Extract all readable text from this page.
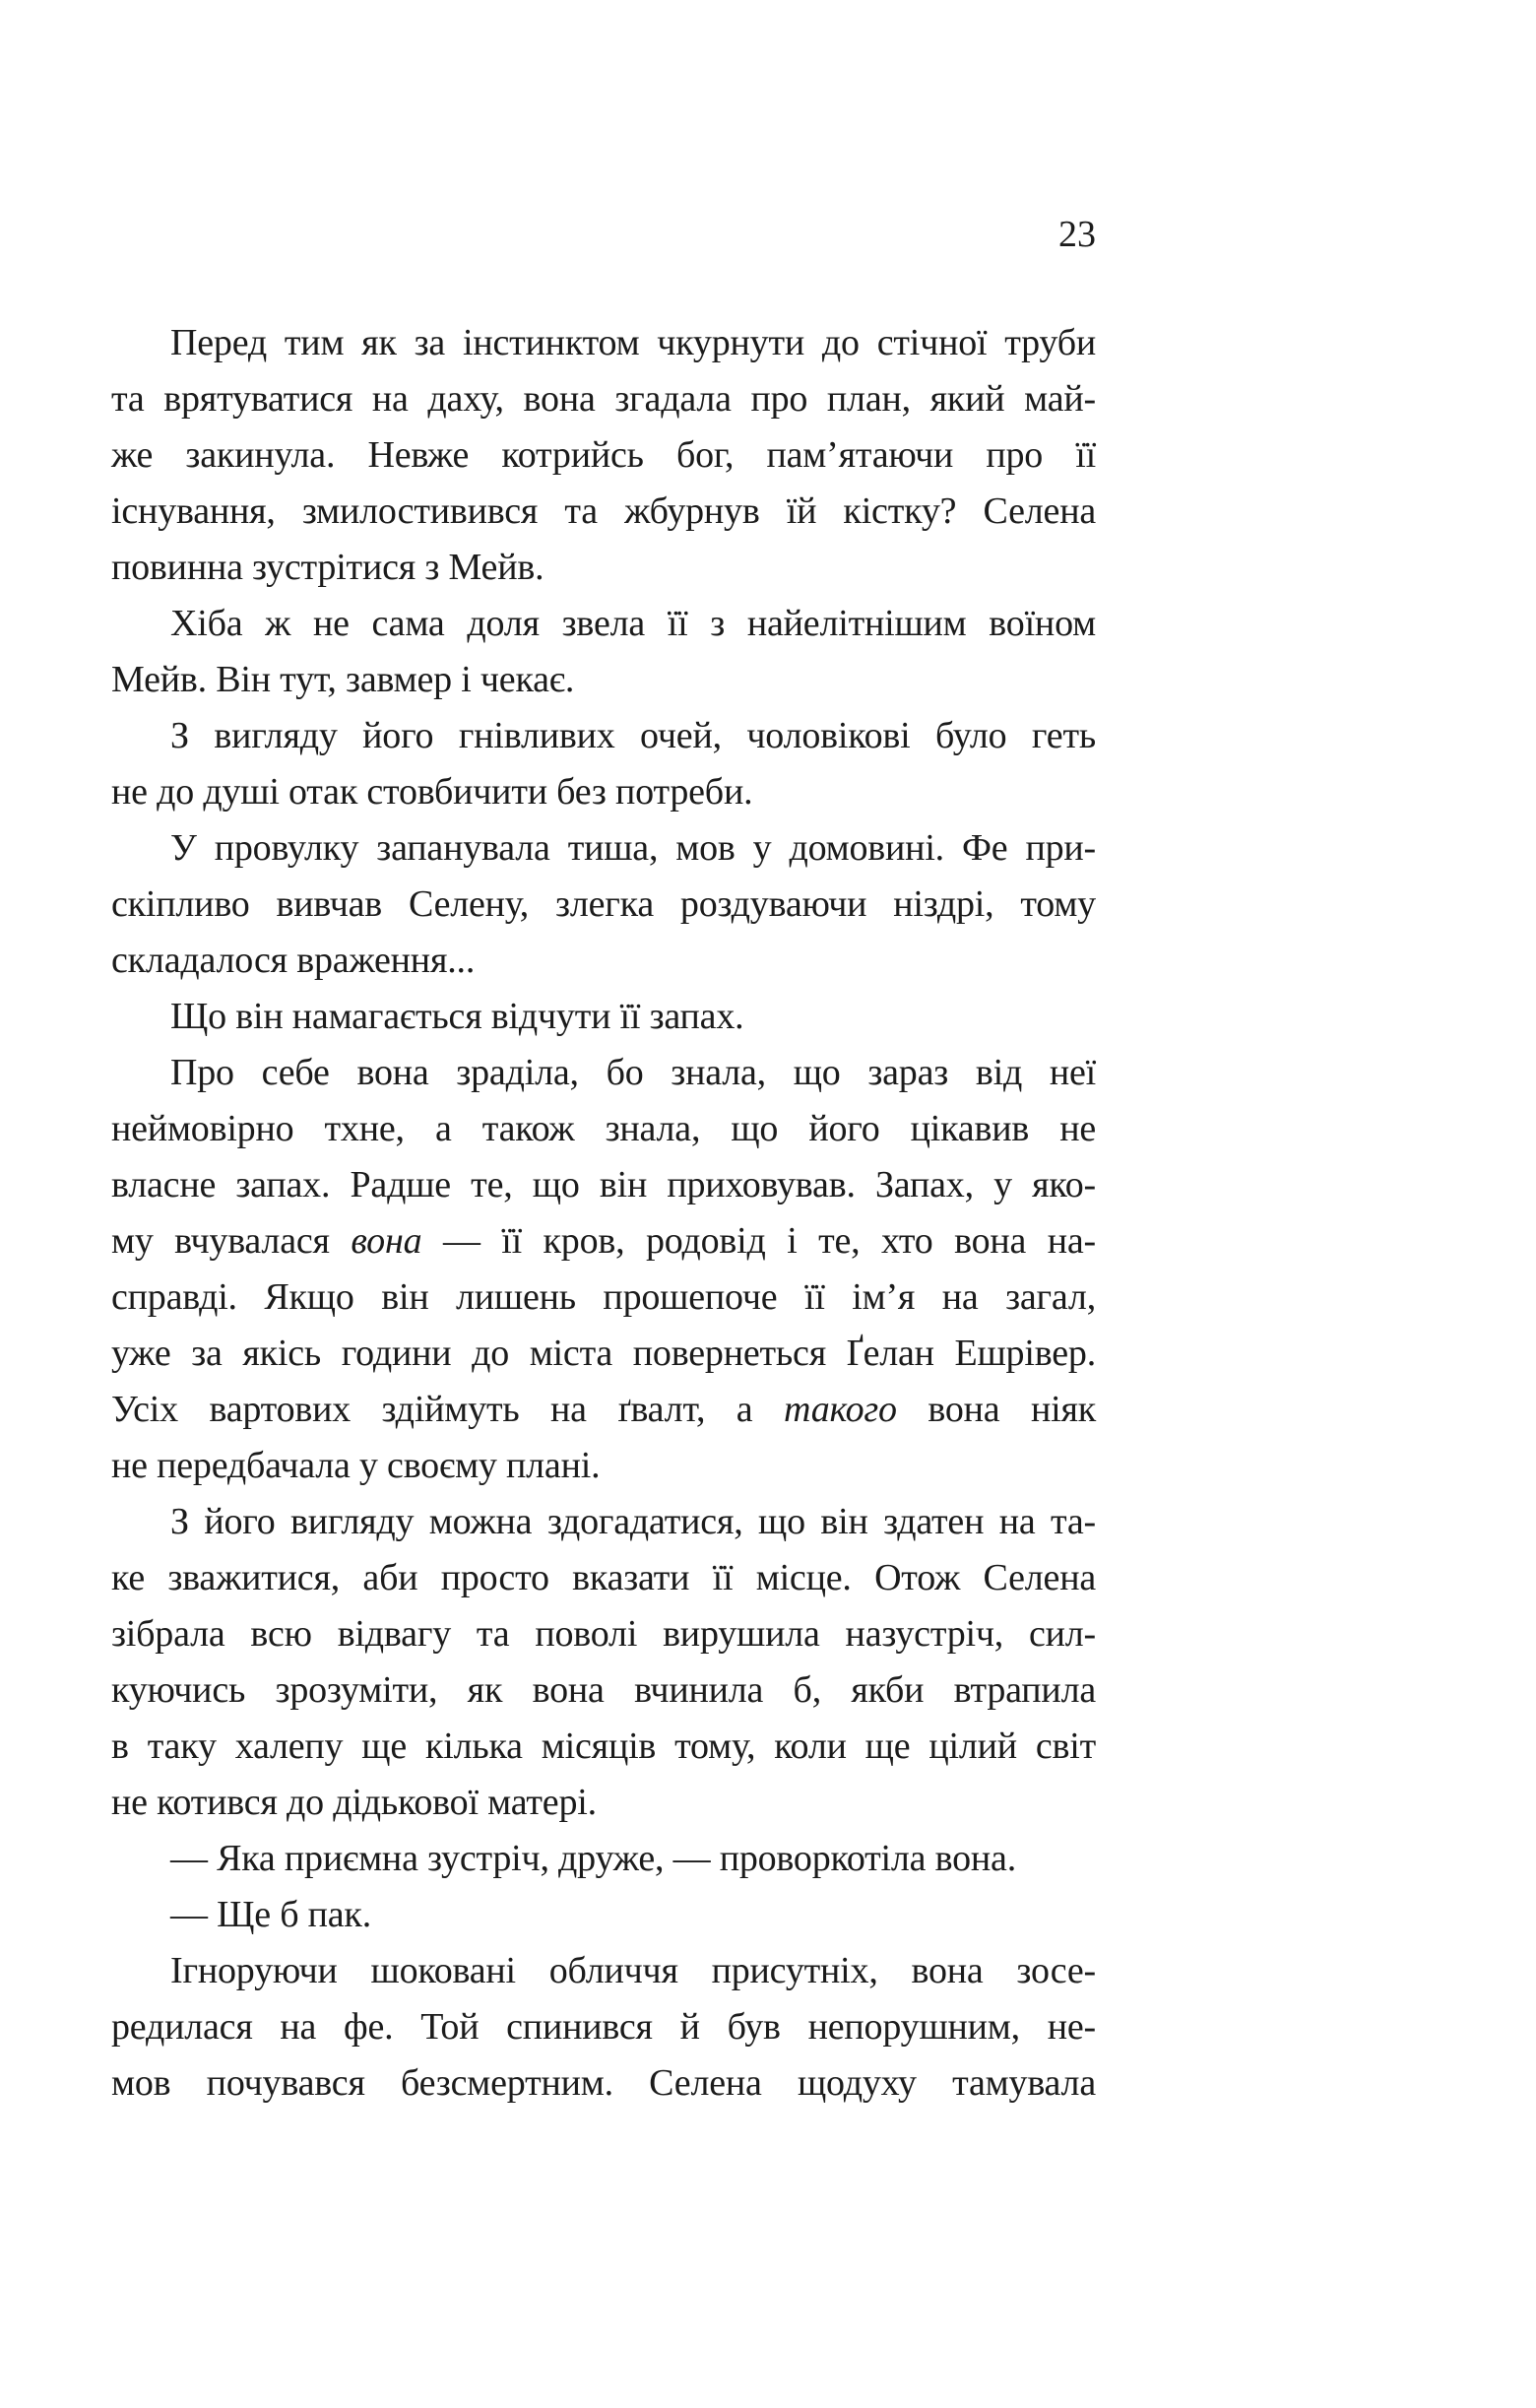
23
Перед тим як за інстинктом чкурнути до стічної труби
та врятуватися на даху, вона згадала про план, який май-
же закинула. Невже котрийсь бог, пам’ятаючи про її
існування, змилостивився та жбурнув їй кістку? Селена
повинна зустрітися з Мейв.
Хіба ж не сама доля звела її з найелітнішим воїном
Мейв. Він тут, завмер і чекає.
З вигляду його гнівливих очей, чоловікові було геть
не до душі отак стовбичити без потреби.
У провулку запанувала тиша, мов у домовині. Фе при-
скіпливо вивчав Селену, злегка роздуваючи ніздрі, тому
складалося враження...
Що він намагається відчути її запах.
Про себе вона зраділа, бо знала, що зараз від неї
неймовірно тхне, а також знала, що його цікавив не
власне запах. Радше те, що він приховував. Запах, у яко-
му вчувалася вона — її кров, родовід і те, хто вона на-
справді. Якщо він лишень прошепоче її ім’я на загал,
уже за якісь години до міста повернеться Ґелан Ешрівер.
Усіх вартових здіймуть на ґвалт, а такого вона ніяк
не передбачала у своєму плані.
З його вигляду можна здогадатися, що він здатен на та-
ке зважитися, аби просто вказати її місце. Отож Селена
зібрала всю відвагу та поволі вирушила назустріч, сил-
куючись зрозуміти, як вона вчинила б, якби втрапила
в таку халепу ще кілька місяців тому, коли ще цілий світ
не котився до дідькової матері.
— Яка приємна зустріч, друже, — проворкотіла вона.
— Ще б пак.
Ігноруючи шоковані обличчя присутніх, вона зосе-
редилася на фе. Той спинився й був непорушним, не-
мов почувався безсмертним. Селена щодуху тамувала
